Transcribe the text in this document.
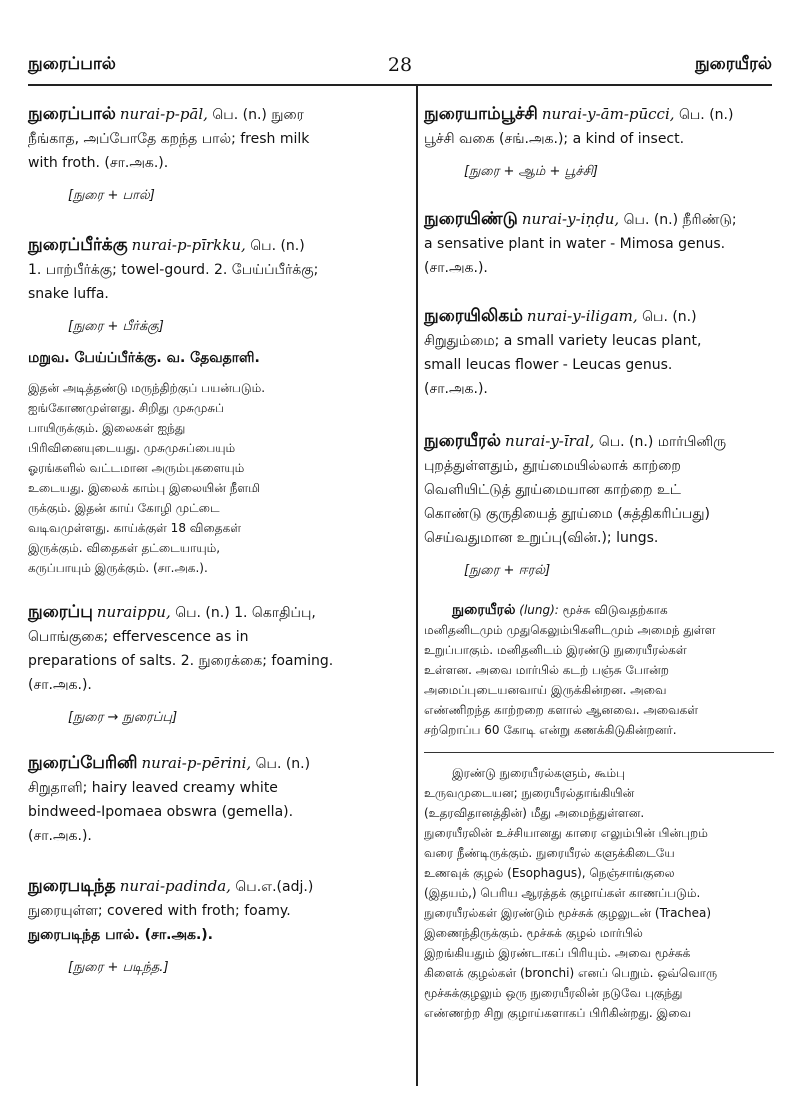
நுரைப்பால்	28	நுரையீரல்
நுரைப்பால் nurai-p-pāl, பெ. (n.) நுரை
நீங்காத, அப்போதே கறந்த பால்; fresh milk
with froth. (சா.அக.).
[நுரை + பால்]
நுரைப்பீர்க்கு nurai-p-pīrkku, பெ. (n.)
1. பாற்பீர்க்கு; towel-gourd. 2. பேய்ப்பீர்க்கு;
snake luffa.
[நுரை + பீர்க்கு]
மறுவ. பேய்ப்பீர்க்கு. வ. தேவதாளி.

இதன் அடித்தண்டு மருந்திற்குப் பயன்படும்.

ஐங்கோணமுள்ளது. சிறிது முசுமுசுப்

பாயிருக்கும். இலைகள் ஐந்து

பிரிவினையுடையது. முசுமுசுப்பையும்

ஓரங்களில் வட்டமான அரும்புகளையும்

உடையது. இலைக் காம்பு இலையின் நீளமி

ருக்கும். இதன் காய் கோழி முட்டை

வடிவமுள்ளது. காய்க்குள் 18 விதைகள்

இருக்கும். விதைகள் தட்டையாயும்,

கருப்பாயும் இருக்கும். (சா.அக.).

நுரைப்பு nuraippu, பெ. (n.) 1. கொதிப்பு,
பொங்குகை; effervescence as in
preparations of salts. 2. நுரைக்கை; foaming.
(சா.அக.).
[நுரை → நுரைப்பு]
நுரைப்பேரினி nurai-p-pērini, பெ. (n.)
சிறுதாளி; hairy leaved creamy white
bindweed-Ipomaea obswra (gemella).
(சா.அக.).
நுரைபடிந்த nurai-padinda, பெ.எ.(adj.)
நுரையுள்ள; covered with froth; foamy.
நுரைபடிந்த பால். (சா.அக.).
[நுரை + படிந்த.]
நுரையாம்பூச்சி nurai-y-ām-pūcci, பெ. (n.)
பூச்சி வகை (சங்.அக.); a kind of insect.
[நுரை + ஆம் + பூச்சி]
நுரையிண்டு nurai-y-iṇḍu, பெ. (n.) நீரிண்டு;
a sensative plant in water - Mimosa genus.
(சா.அக.).
நுரையிலிகம் nurai-y-iligam, பெ. (n.)
சிறுதும்மை; a small variety leucas plant,
small leucas flower - Leucas genus.
(சா.அக.).
நுரையீரல் nurai-y-īral, பெ. (n.) மார்பினிரு
புறத்துள்ளதும், தூய்மையில்லாக் காற்றை
வெளியிட்டுத் தூய்மையான காற்றை உட்
கொண்டு குருதியைத் தூய்மை (சுத்திகரிப்பது)
செய்வதுமான உறுப்பு(வின்.); lungs.
[நுரை + ஈரல்]

நுரையீரல் (lung): மூச்சு விடுவதற்காக

மனிதனிடமும் முதுகெலும்பிகளிடமும் அமைந் துள்ள

உறுப்பாகும். மனிதனிடம் இரண்டு நுரையீரல்கள்

உள்ளன. அவை மார்பில் கடற் பஞ்சு போன்ற

அமைப்புடையனவாய் இருக்கின்றன. அவை

எண்ணிறந்த காற்றறை களால் ஆனவை. அவைகள்

சற்றொப்ப 60 கோடி என்று கணக்கிடுகின்றனர்.

இரண்டு நுரையீரல்களும், கூம்பு

உருவமுடையன; நுரையீரல்தாங்கியின்

(உதரவிதானத்தின்) மீது அமைந்துள்ளன.

நுரையீரலின் உச்சியானது காரை எலும்பின் பின்புறம்

வரை நீண்டிருக்கும். நுரையீரல் களுக்கிடையே

உணவுக் குழல் (Esophagus), நெஞ்சாங்குலை

(இதயம்,) பெரிய ஆரத்தக் குழாய்கள் காணப்படும்.

நுரையீரல்கள் இரண்டும் மூச்சுக் குழலுடன் (Trachea)

இணைந்திருக்கும். மூச்சுக் குழல் மார்பில்

இறங்கியதும் இரண்டாகப் பிரியும். அவை மூச்சுக்

கிளைக் குழல்கள் (bronchi) எனப் பெறும். ஒவ்வொரு

மூச்சுக்குழலும் ஒரு நுரையீரலின் நடுவே புகுந்து

எண்ணற்ற சிறு குழாய்களாகப் பிரிகின்றது. இவை
